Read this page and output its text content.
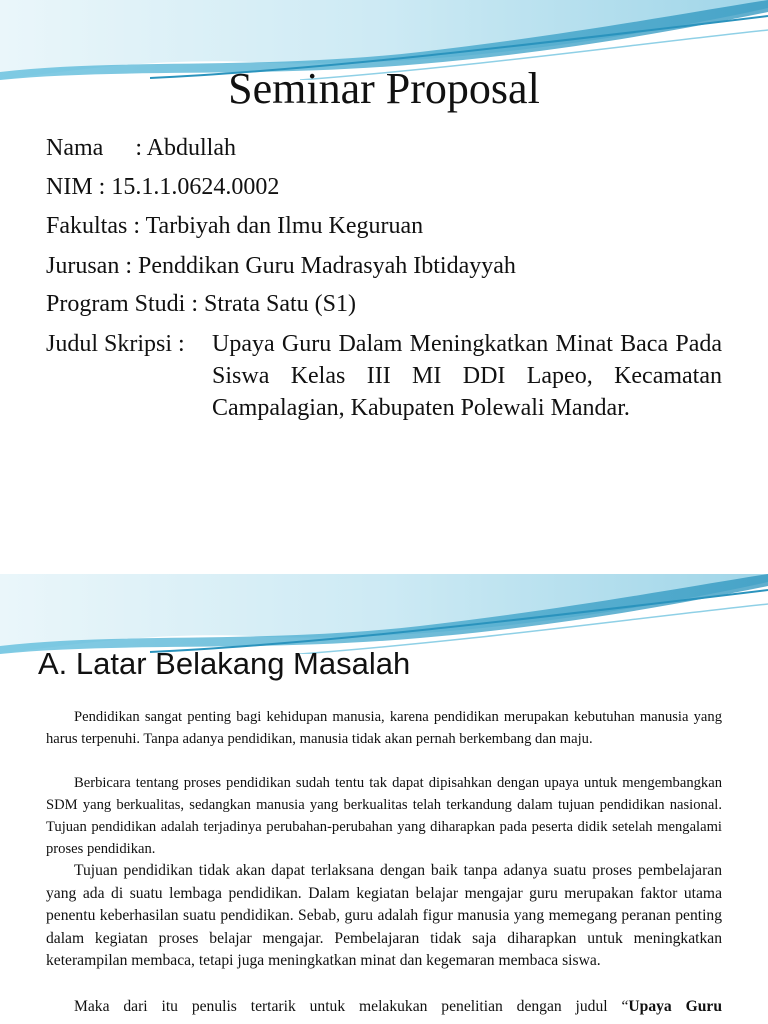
Seminar Proposal
Nama : Abdullah
NIM : 15.1.1.0624.0002
Fakultas : Tarbiyah dan Ilmu Keguruan
Jurusan : Penddikan Guru Madrasyah Ibtidayyah
Program Studi : Strata Satu (S1)
Judul Skripsi : Upaya Guru Dalam Meningkatkan Minat Baca Pada Siswa Kelas III MI DDI Lapeo, Kecamatan Campalagian, Kabupaten Polewali Mandar.
A. Latar Belakang Masalah
Pendidikan sangat penting bagi kehidupan manusia, karena pendidikan merupakan kebutuhan manusia yang harus terpenuhi. Tanpa adanya pendidikan, manusia tidak akan pernah berkembang dan maju.
Berbicara tentang proses pendidikan sudah tentu tak dapat dipisahkan dengan upaya untuk mengembangkan SDM yang berkualitas, sedangkan manusia yang berkualitas telah terkandung dalam tujuan pendidikan nasional. Tujuan pendidikan adalah terjadinya perubahan-perubahan yang diharapkan pada peserta didik setelah mengalami proses pendidikan.
Tujuan pendidikan tidak akan dapat terlaksana dengan baik tanpa adanya suatu proses pembelajaran yang ada di suatu lembaga pendidikan. Dalam kegiatan belajar mengajar guru merupakan faktor utama penentu keberhasilan suatu pendidikan. Sebab, guru adalah figur manusia yang memegang peranan penting dalam kegiatan proses belajar mengajar. Pembelajaran tidak saja diharapkan untuk meningkatkan keterampilan membaca, tetapi juga meningkatkan minat dan kegemaran membaca siswa.
Maka dari itu penulis tertarik untuk melakukan penelitian dengan judul “Upaya Guru
